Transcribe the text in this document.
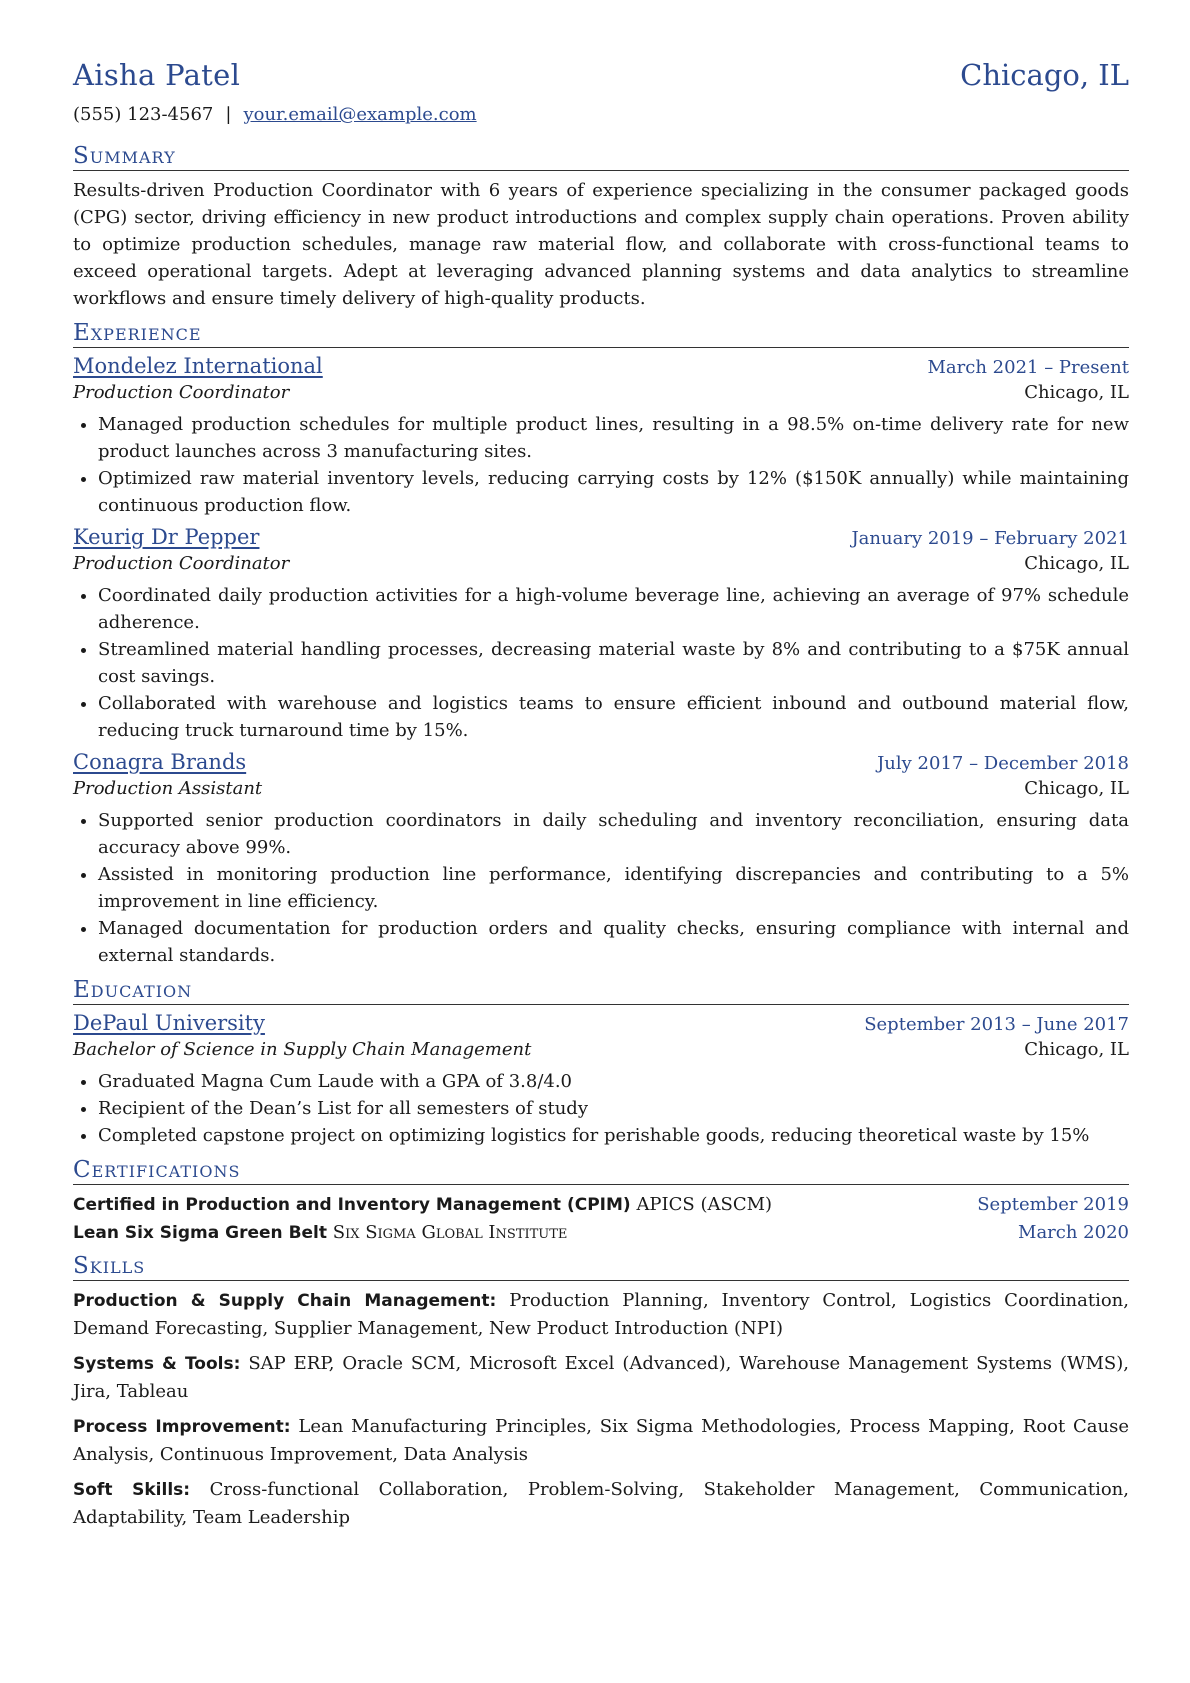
Aisha Patel	Chicago, IL
(555) 123-4567 | your.email@example.com
Summary
Results-driven Production Coordinator with 6 years of experience specializing in the consumer packaged goods (CPG) sector, driving efficiency in new product introductions and complex supply chain operations. Proven ability to optimize production schedules, manage raw material flow, and collaborate with cross-functional teams to exceed operational targets. Adept at leveraging advanced planning systems and data analytics to streamline workflows and ensure timely delivery of high-quality products.
Experience
Mondelez International	March 2021 – Present
Production Coordinator	Chicago, IL
• Managed production schedules for multiple product lines, resulting in a 98.5% on-time delivery rate for new product launches across 3 manufacturing sites.
• Optimized raw material inventory levels, reducing carrying costs by 12% ($150K annually) while maintaining continuous production flow.
Keurig Dr Pepper	January 2019 – February 2021
Production Coordinator	Chicago, IL
• Coordinated daily production activities for a high-volume beverage line, achieving an average of 97% schedule adherence.
• Streamlined material handling processes, decreasing material waste by 8% and contributing to a $75K annual cost savings.
• Collaborated with warehouse and logistics teams to ensure efficient inbound and outbound material flow, reducing truck turnaround time by 15%.
Conagra Brands	July 2017 – December 2018
Production Assistant	Chicago, IL
• Supported senior production coordinators in daily scheduling and inventory reconciliation, ensuring data accuracy above 99%.
• Assisted in monitoring production line performance, identifying discrepancies and contributing to a 5% improvement in line efficiency.
• Managed documentation for production orders and quality checks, ensuring compliance with internal and external standards.
Education
DePaul University	September 2013 – June 2017
Bachelor of Science in Supply Chain Management	Chicago, IL
• Graduated Magna Cum Laude with a GPA of 3.8/4.0
• Recipient of the Dean’s List for all semesters of study
• Completed capstone project on optimizing logistics for perishable goods, reducing theoretical waste by 15%
Certifications
Certified in Production and Inventory Management (CPIM) APICS (ASCM)	September 2019
Lean Six Sigma Green Belt Six Sigma Global Institute	March 2020
Skills
Production & Supply Chain Management: Production Planning, Inventory Control, Logistics Coordination, Demand Forecasting, Supplier Management, New Product Introduction (NPI)
Systems & Tools: SAP ERP, Oracle SCM, Microsoft Excel (Advanced), Warehouse Management Systems (WMS), Jira, Tableau
Process Improvement: Lean Manufacturing Principles, Six Sigma Methodologies, Process Mapping, Root Cause Analysis, Continuous Improvement, Data Analysis
Soft Skills: Cross-functional Collaboration, Problem-Solving, Stakeholder Management, Communication, Adaptability, Team Leadership
